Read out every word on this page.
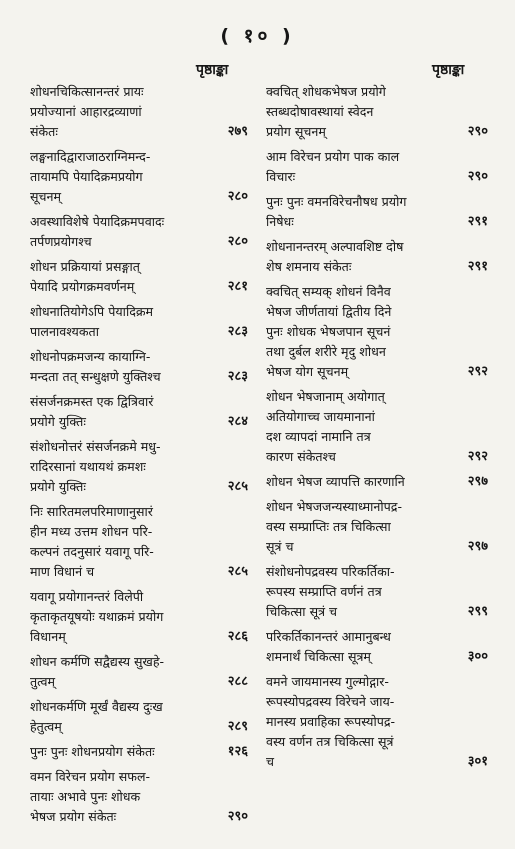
( १० )
पृष्ठाङ्का	पृष्ठाङ्का
शोधनचिकित्सानन्तरं प्रायः
प्रयोज्यानां आहारद्रव्याणां
संकेतः	२७९
लङ्घनादिद्वाराजाठराग्निमन्द-
तायामपि पेयादिक्रमप्रयोग
सूचनम्	२८०
अवस्थाविशेषे पेयादिक्रमपवादः
तर्पणप्रयोगश्च	२८०
शोधन प्रक्रियायां प्रसङ्गात्
पेयादि प्रयोगक्रमवर्णनम्	२८१
शोधनातियोगेऽपि पेयादिक्रम
पालनावश्यकता	२८३
शोधनोपक्रमजन्य कायाग्नि-
मन्दता तत् सन्धुक्षणे युक्तिश्च	२८३
संसर्जनक्रमस्त एक द्वित्रिवारं
प्रयोगे युक्तिः	२८४
संशोधनोत्तरं संसर्जनक्रमे मधु-
रादिरसानां यथायथं क्रमशः
प्रयोगे युक्तिः	२८५
निः सारितमलपरिमाणानुसारं
हीन मध्य उत्तम शोधन परि-
कल्पनं तदनुसारं यवागू परि-
माण विधानं च	२८५
यवागू प्रयोगानन्तरं विलेपी
कृताकृतयूषयोः यथाक्रमं प्रयोग
विधानम्	२८६
शोधन कर्मणि सद्वैद्यस्य सुखहे-
तुत्वम्	२८८
शोधनकर्मणि मूर्खं वैद्यस्य दुःख
हेतुत्वम्	२८९
पुनः पुनः शोधनप्रयोग संकेतः	१२६
वमन विरेचन प्रयोग सफल-
तायाः अभावे पुनः शोधक
भेषज प्रयोग संकेतः	२९०
क्वचित् शोधकभेषज प्रयोगे
स्तब्धदोषावस्थायां स्वेदन
प्रयोग सूचनम्	२९०
आम विरेचन प्रयोग पाक काल
विचारः	२९०
पुनः पुनः वमनविरेचनौषध प्रयोग
निषेधः	२९१
शोधनानन्तरम् अल्पावशिष्ट दोष
शेष शमनाय संकेतः	२९१
क्वचित् सम्यक् शोधनं विनैव
भेषज जीर्णतायां द्वितीय दिने
पुनः शोधक भेषजपान सूचनं
तथा दुर्बल शरीरे मृदु शोधन
भेषज योग सूचनम्	२९२
शोधन भेषजानाम् अयोगात्
अतियोगाच्च जायमानानां
दश व्यापदां नामानि तत्र
कारण संकेतश्च	२९२
शोधन भेषज व्यापत्ति कारणानि	२९७
शोधन भेषजजन्यस्याध्मानोपद्र-
वस्य सम्प्राप्तिः तत्र चिकित्सा
सूत्रं च	२९७
संशोधनोपद्रवस्य परिकर्तिका-
रूपस्य सम्प्राप्ति वर्णनं तत्र
चिकित्सा सूत्रं च	२९९
परिकर्तिकानन्तरं आमानुबन्ध
शमनार्थं चिकित्सा सूत्रम्	३००
वमने जायमानस्य गुल्मोद्गार-
रूपस्योपद्रवस्य विरेचने जाय-
मानस्य प्रवाहिका रूपस्योपद्र-
वस्य वर्णन तत्र चिकित्सा सूत्रं
च	३०१
